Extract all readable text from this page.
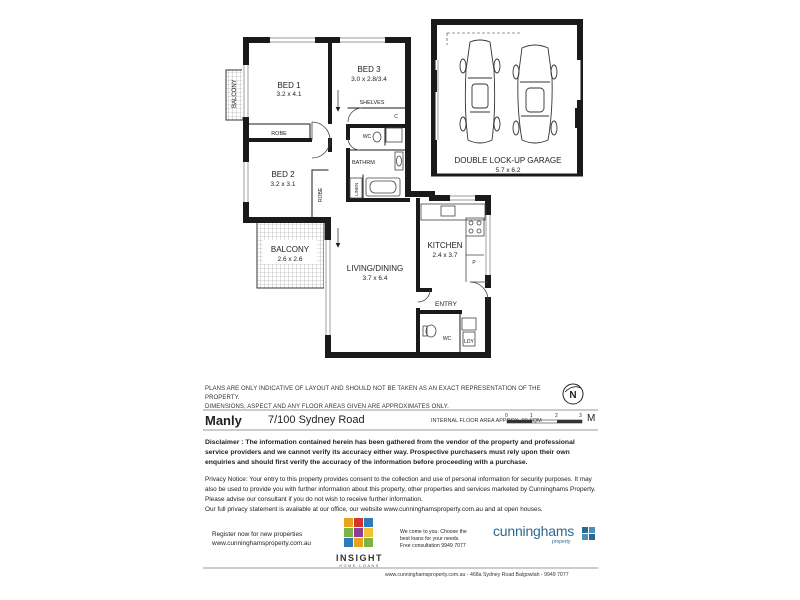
BED 1
3.2 x 4.1
BED 3
3.0 x 2.8/3.4
SHELVES
ROBE	WC
C
BATHRM
LINEN
BED 2
3.2 x 3.1
ROBE
BALCONY
BALCONY
2.6 x 2.6
DOUBLE LOCK-UP GARAGE
5.7 x 6.2
KITCHEN
2.4 x 3.7
P
LIVING/DINING
3.7 x 6.4
ENTRY
WC	LDY
N
PLANS ARE ONLY INDICATIVE OF LAYOUT AND SHOULD NOT BE TAKEN AS AN EXACT REPRESENTATION OF THE PROPERTY.
DIMENSIONS, ASPECT AND ANY FLOOR AREAS GIVEN ARE APPROXIMATES ONLY.
Manly 7/100 Sydney Road	INTERNAL FLOOR AREA APPROX. 90 SQM
0	1	2	3 M
Disclaimer : The information contained herein has been gathered from the vendor of the property and professional service providers and we cannot verify its accuracy either way. Prospective purchasers must rely upon their own enquiries and should first verify the accuracy of the information before proceeding with a purchase.
Privacy Notice: Your entry to this property provides consent to the collection and use of personal information for security purposes. It may also be used to provide you with further information about this property, other properties and services marketed by Cunninghams Property. Please advise our consultant if you do not wish to receive further information.
Our full privacy statement is available at our office, our website www.cunninghamsproperty.com.au and at open houses.
Register now for new properties
www.cunninghamsproperty.com.au
INSIGHT
HOME LOANS
We come to you. Choose the
best loans for your needs.
Free consultation 9949 7077
cunninghams
property
www.cunninghamsproperty.com.au - 468a Sydney Road Balgowlah - 9949 7077
